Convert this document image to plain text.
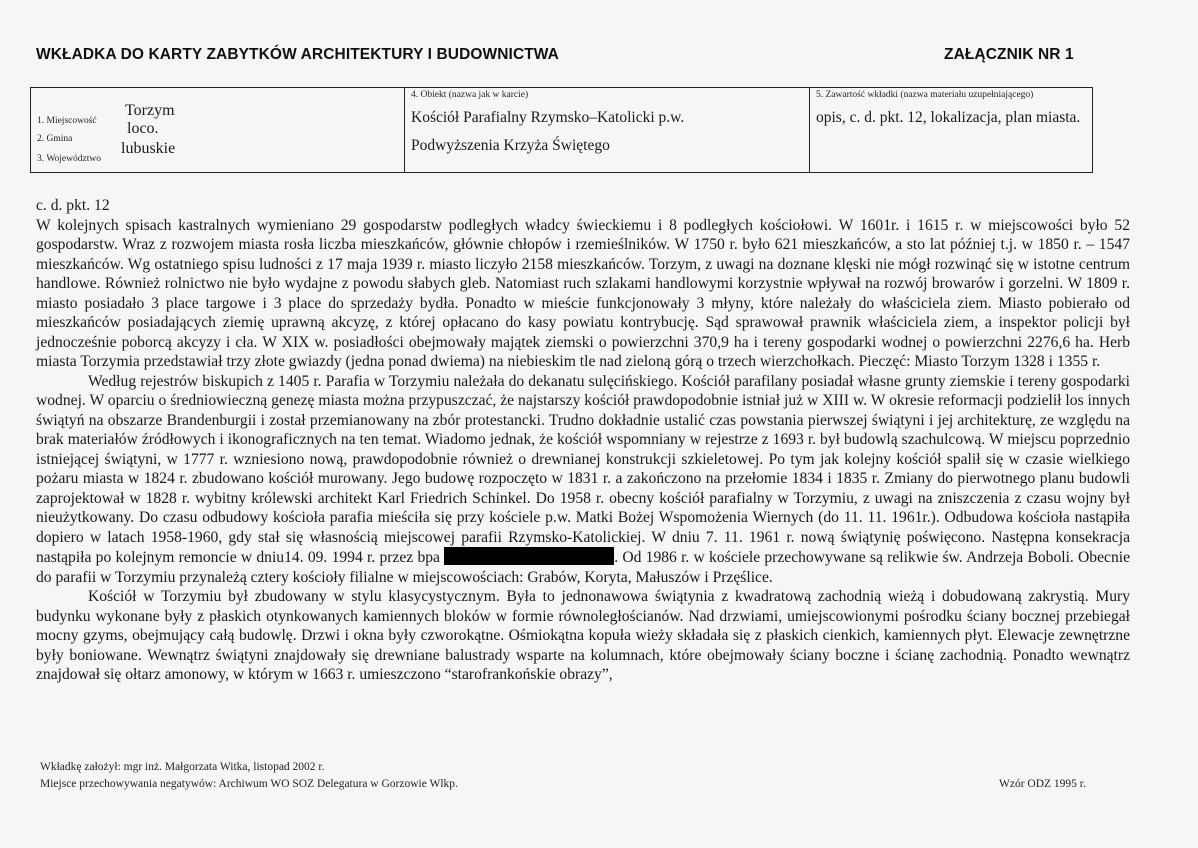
WKŁADKA DO KARTY ZABYTKÓW ARCHITEKTURY I BUDOWNICTWA	ZAŁĄCZNIK NR 1
1. Miejscowość
Torzym
2. Gmina
loco.
3. Województwo
lubuskie
4. Obiekt (nazwa jak w karcie)
Kościół Parafialny Rzymsko–Katolicki p.w.
Podwyższenia Krzyża Świętego
5. Zawartość wkładki (nazwa materiału uzupełniającego)
opis, c. d. pkt. 12, lokalizacja, plan miasta.

c. d. pkt. 12

W kolejnych spisach kastralnych wymieniano 29 gospodarstw podległych władcy świeckiemu i 8 podległych kościołowi. W 1601r. i 1615 r. w miejscowości było 52 gospodarstw. Wraz z rozwojem miasta rosła liczba mieszkańców, głównie chłopów i rzemieślników. W 1750 r. było 621 mieszkańców, a sto lat później t.j. w 1850 r. – 1547 mieszkańców. Wg ostatniego spisu ludności z 17 maja 1939 r. miasto liczyło 2158 mieszkańców. Torzym, z uwagi na doznane klęski nie mógł rozwinąć się w istotne centrum handlowe. Również rolnictwo nie było wydajne z powodu słabych gleb. Natomiast ruch szlakami handlowymi korzystnie wpływał na rozwój browarów i gorzelni. W 1809 r. miasto posiadało 3 place targowe i 3 place do sprzedaży bydła. Ponadto w mieście funkcjonowały 3 młyny, które należały do właściciela ziem. Miasto pobierało od mieszkańców posiadających ziemię uprawną akcyzę, z której opłacano do kasy powiatu kontrybucję. Sąd sprawował prawnik właściciela ziem, a inspektor policji był jednocześnie poborcą akcyzy i cła. W XIX w. posiadłości obejmowały majątek ziemski o powierzchni 370,9 ha i tereny gospodarki wodnej o powierzchni 2276,6 ha. Herb miasta Torzymia przedstawiał trzy złote gwiazdy (jedna ponad dwiema) na niebieskim tle nad zieloną górą o trzech wierzchołkach. Pieczęć: Miasto Torzym 1328 i 1355 r.

Według rejestrów biskupich z 1405 r. Parafia w Torzymiu należała do dekanatu sulęcińskiego. Kościół parafilany posiadał własne grunty ziemskie i tereny gospodarki wodnej. W oparciu o średniowieczną genezę miasta można przypuszczać, że najstarszy kościół prawdopodobnie istniał już w XIII w. W okresie reformacji podzielił los innych świątyń na obszarze Brandenburgii i został przemianowany na zbór protestancki. Trudno dokładnie ustalić czas powstania pierwszej świątyni i jej architekturę, ze względu na brak materiałów źródłowych i ikonograficznych na ten temat. Wiadomo jednak, że kościół wspomniany w rejestrze z 1693 r. był budowlą szachulcową. W miejscu poprzednio istniejącej świątyni, w 1777 r. wzniesiono nową, prawdopodobnie również o drewnianej konstrukcji szkieletowej. Po tym jak kolejny kościół spalił się w czasie wielkiego pożaru miasta w 1824 r. zbudowano kościół murowany. Jego budowę rozpoczęto w 1831 r. a zakończono na przełomie 1834 i 1835 r. Zmiany do pierwotnego planu budowli zaprojektował w 1828 r. wybitny królewski architekt Karl Friedrich Schinkel. Do 1958 r. obecny kościół parafialny w Torzymiu, z uwagi na zniszczenia z czasu wojny był nieużytkowany. Do czasu odbudowy kościoła parafia mieściła się przy kościele p.w. Matki Bożej Wspomożenia Wiernych (do 11. 11. 1961r.). Odbudowa kościoła nastąpiła dopiero w latach 1958-1960, gdy stał się własnością miejscowej parafii Rzymsko-Katolickiej. W dniu 7. 11. 1961 r. nową świątynię poświęcono. Następna konsekracja nastąpiła po kolejnym remoncie w dniu14. 09. 1994 r. przez bpa	. Od 1986 r. w kościele przechowywane są relikwie św. Andrzeja Boboli. Obecnie do parafii w Torzymiu przynależą cztery kościoły filialne w miejscowościach: Grabów, Koryta, Małuszów i Przęślice.

Kościół w Torzymiu był zbudowany w stylu klasycystycznym. Była to jednonawowa świątynia z kwadratową zachodnią wieżą i dobudowaną zakrystią. Mury budynku wykonane były z płaskich otynkowanych kamiennych bloków w formie równoległościanów. Nad drzwiami, umiejscowionymi pośrodku ściany bocznej przebiegał mocny gzyms, obejmujący całą budowlę. Drzwi i okna były czworokątne. Ośmiokątna kopuła wieży składała się z płaskich cienkich, kamiennych płyt. Elewacje zewnętrzne były boniowane. Wewnątrz świątyni znajdowały się drewniane balustrady wsparte na kolumnach, które obejmowały ściany boczne i ścianę zachodnią. Ponadto wewnątrz znajdował się ołtarz amonowy, w którym w 1663 r. umieszczono “starofrankońskie obrazy”,

Wkładkę założył: mgr inż. Małgorzata Witka, listopad 2002 r.
Miejsce przechowywania negatywów: Archiwum WO SOZ Delegatura w Gorzowie Wlkp.	Wzór ODZ 1995 r.
